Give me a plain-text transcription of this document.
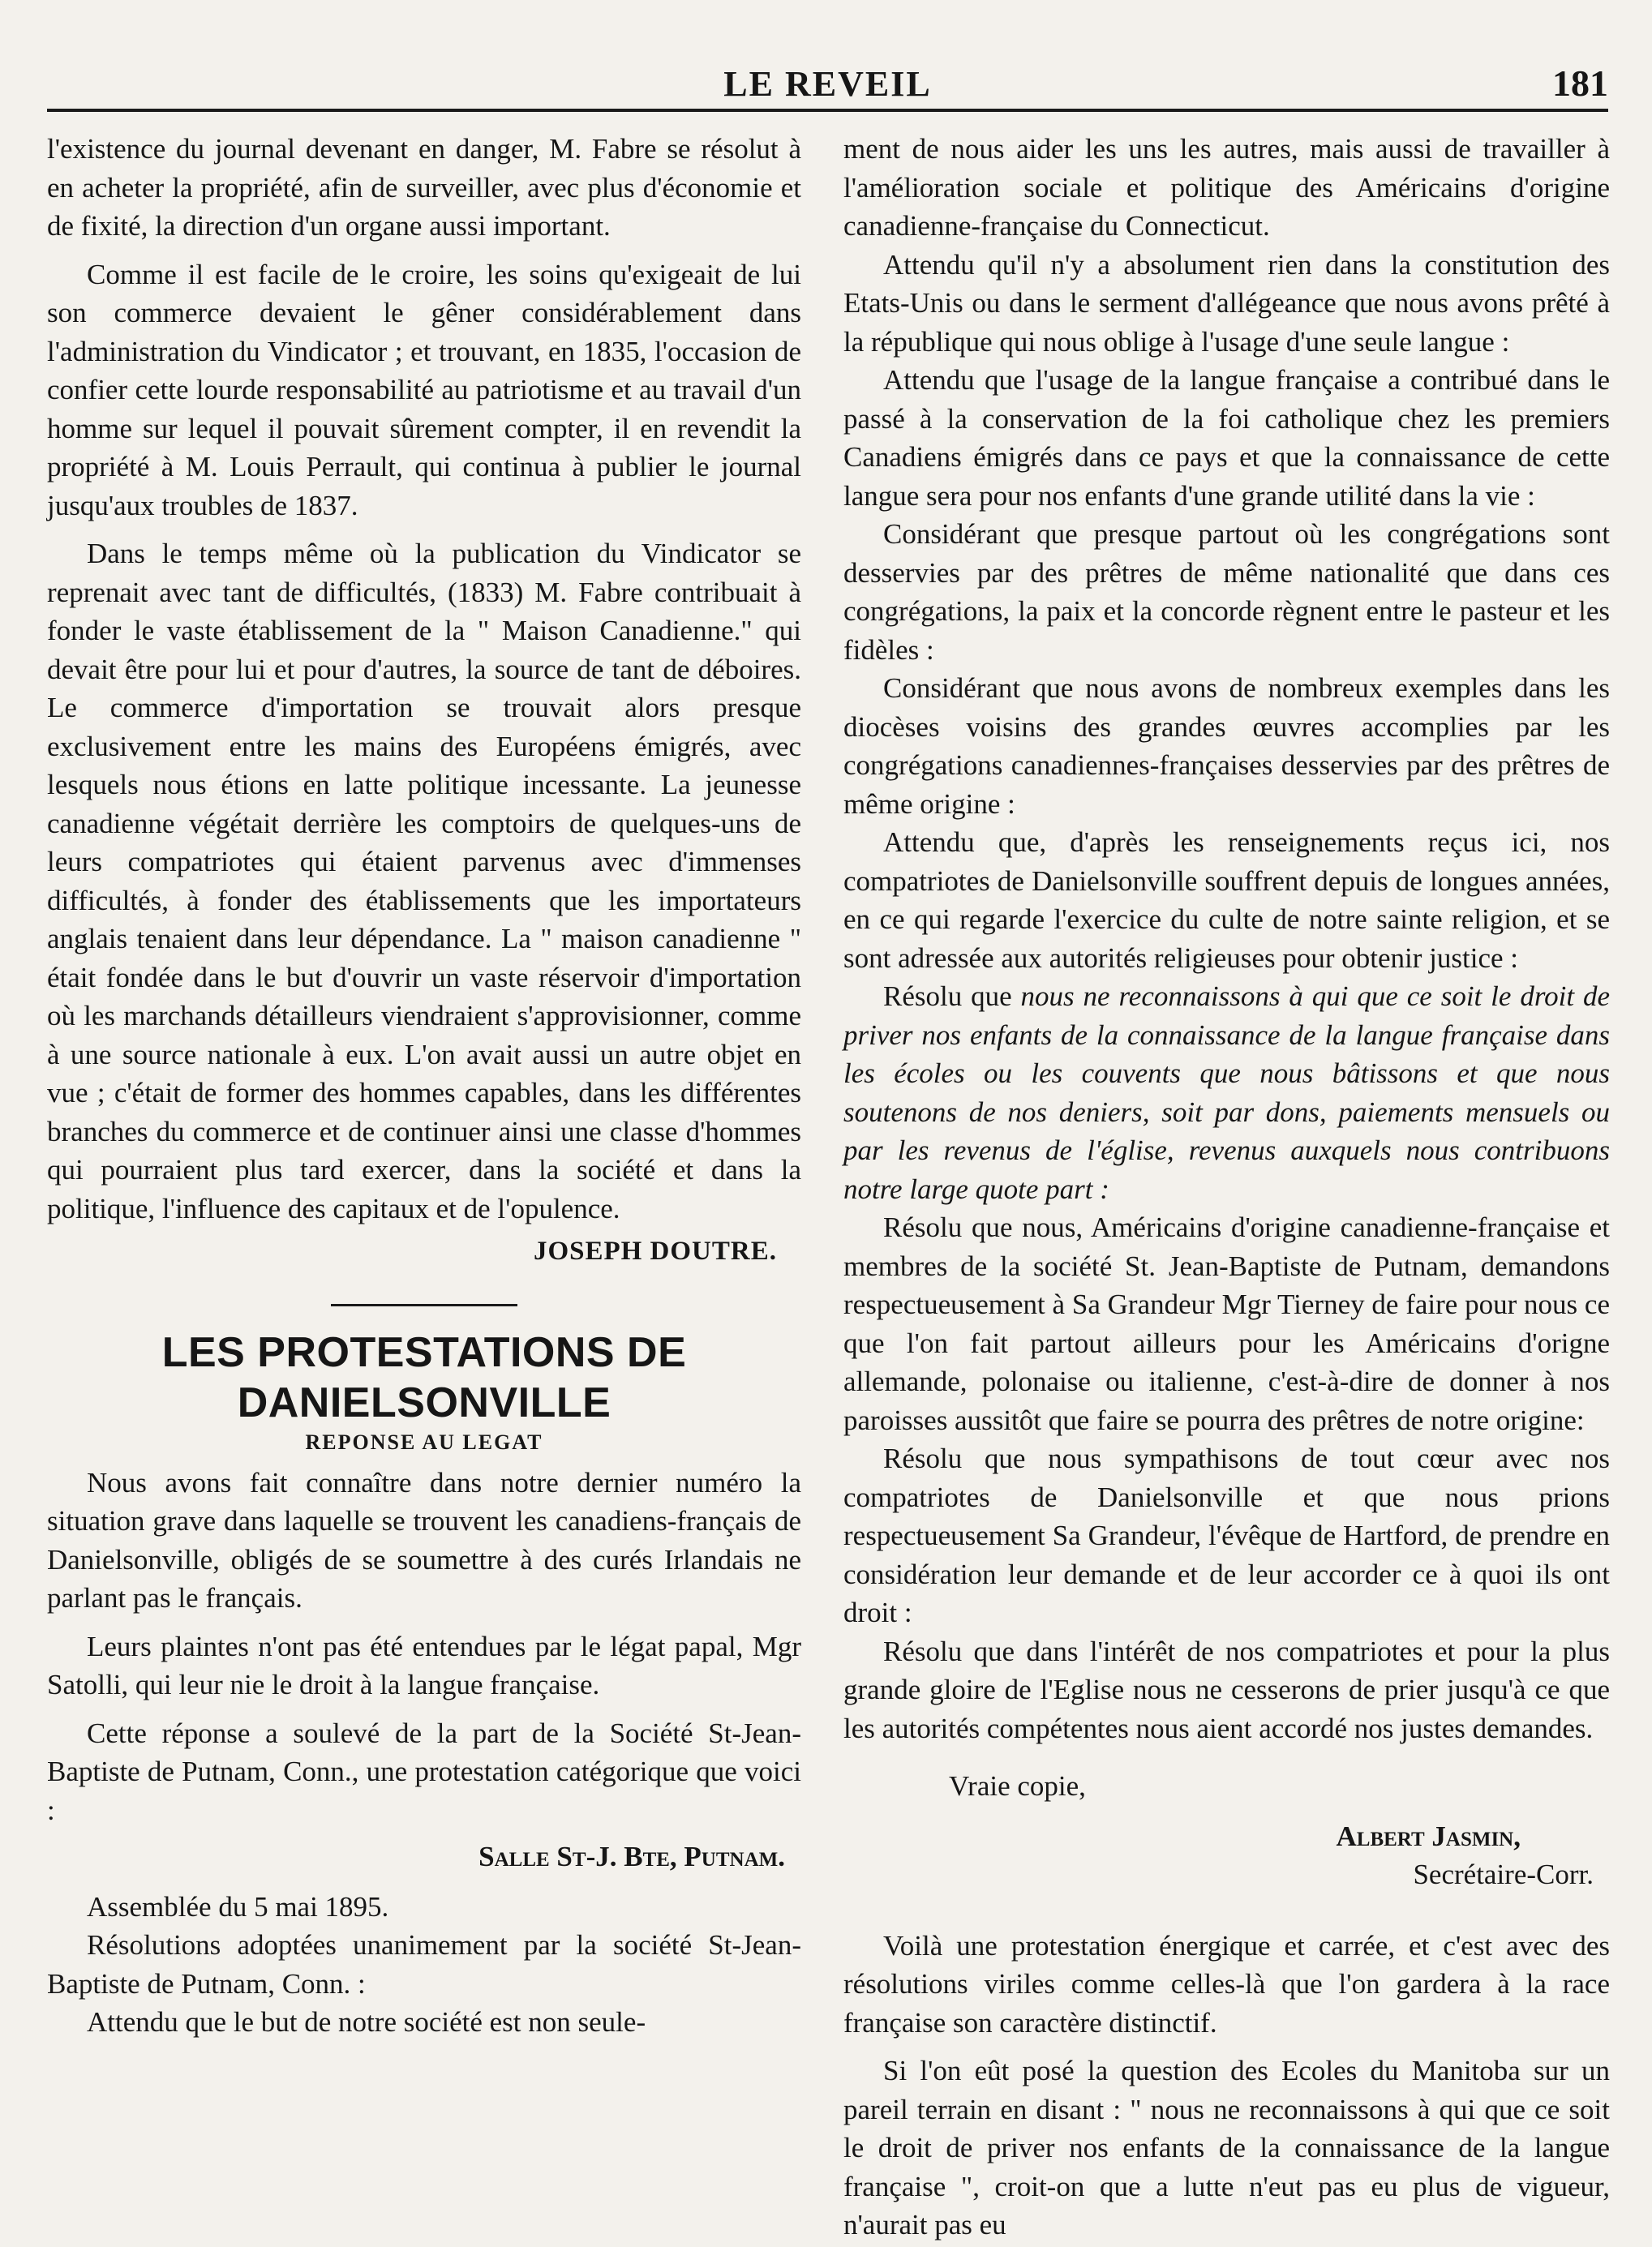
LE REVEIL	181

l'existence du journal devenant en danger, M. Fabre se résolut à en acheter la propriété, afin de surveiller, avec plus d'économie et de fixité, la direction d'un organe aussi important.

Comme il est facile de le croire, les soins qu'exigeait de lui son commerce devaient le gêner considérablement dans l'administration du Vindicator ; et trouvant, en 1835, l'occasion de confier cette lourde responsabilité au patriotisme et au travail d'un homme sur lequel il pouvait sûrement compter, il en revendit la propriété à M. Louis Perrault, qui continua à publier le journal jusqu'aux troubles de 1837.

Dans le temps même où la publication du Vindicator se reprenait avec tant de difficultés, (1833) M. Fabre contribuait à fonder le vaste établissement de la " Maison Canadienne." qui devait être pour lui et pour d'autres, la source de tant de déboires. Le commerce d'importation se trouvait alors presque exclusivement entre les mains des Européens émigrés, avec lesquels nous étions en latte politique incessante. La jeunesse canadienne végétait derrière les comptoirs de quelques-uns de leurs compatriotes qui étaient parvenus avec d'immenses difficultés, à fonder des établissements que les importateurs anglais tenaient dans leur dépendance. La " maison canadienne " était fondée dans le but d'ouvrir un vaste réservoir d'importation où les marchands détailleurs viendraient s'approvisionner, comme à une source nationale à eux. L'on avait aussi un autre objet en vue ; c'était de former des hommes capables, dans les différentes branches du commerce et de continuer ainsi une classe d'hommes qui pourraient plus tard exercer, dans la société et dans la politique, l'influence des capitaux et de l'opulence.

JOSEPH DOUTRE.
LES PROTESTATIONS DE DANIELSONVILLE
REPONSE AU LEGAT

Nous avons fait connaître dans notre dernier numéro la situation grave dans laquelle se trouvent les canadiens-français de Danielsonville, obligés de se soumettre à des curés Irlandais ne parlant pas le français.

Leurs plaintes n'ont pas été entendues par le légat papal, Mgr Satolli, qui leur nie le droit à la langue française.

Cette réponse a soulevé de la part de la Société St-Jean-Baptiste de Putnam, Conn., une protestation catégorique que voici :

Salle St-J. Bte, Putnam.

Assemblée du 5 mai 1895.

Résolutions adoptées unanimement par la société St-Jean-Baptiste de Putnam, Conn. :

Attendu que le but de notre société est non seule-

ment de nous aider les uns les autres, mais aussi de travailler à l'amélioration sociale et politique des Américains d'origine canadienne-française du Connecticut.

Attendu qu'il n'y a absolument rien dans la constitution des Etats-Unis ou dans le serment d'allégeance que nous avons prêté à la république qui nous oblige à l'usage d'une seule langue :

Attendu que l'usage de la langue française a contribué dans le passé à la conservation de la foi catholique chez les premiers Canadiens émigrés dans ce pays et que la connaissance de cette langue sera pour nos enfants d'une grande utilité dans la vie :

Considérant que presque partout où les congrégations sont desservies par des prêtres de même nationalité que dans ces congrégations, la paix et la concorde règnent entre le pasteur et les fidèles :

Considérant que nous avons de nombreux exemples dans les diocèses voisins des grandes œuvres accomplies par les congrégations canadiennes-françaises desservies par des prêtres de même origine :

Attendu que, d'après les renseignements reçus ici, nos compatriotes de Danielsonville souffrent depuis de longues années, en ce qui regarde l'exercice du culte de notre sainte religion, et se sont adressée aux autorités religieuses pour obtenir justice :

Résolu que nous ne reconnaissons à qui que ce soit le droit de priver nos enfants de la connaissance de la langue française dans les écoles ou les couvents que nous bâtissons et que nous soutenons de nos deniers, soit par dons, paiements mensuels ou par les revenus de l'église, revenus auxquels nous contribuons notre large quote part :

Résolu que nous, Américains d'origine canadienne-française et membres de la société St. Jean-Baptiste de Putnam, demandons respectueusement à Sa Grandeur Mgr Tierney de faire pour nous ce que l'on fait partout ailleurs pour les Américains d'origne allemande, polonaise ou italienne, c'est-à-dire de donner à nos paroisses aussitôt que faire se pourra des prêtres de notre origine:

Résolu que nous sympathisons de tout cœur avec nos compatriotes de Danielsonville et que nous prions respectueusement Sa Grandeur, l'évêque de Hartford, de prendre en considération leur demande et de leur accorder ce à quoi ils ont droit :

Résolu que dans l'intérêt de nos compatriotes et pour la plus grande gloire de l'Eglise nous ne cesserons de prier jusqu'à ce que les autorités compétentes nous aient accordé nos justes demandes.

Vraie copie,
Albert Jasmin,
Secrétaire-Corr.

Voilà une protestation énergique et carrée, et c'est avec des résolutions viriles comme celles-là que l'on gardera à la race française son caractère distinctif.

Si l'on eût posé la question des Ecoles du Manitoba sur un pareil terrain en disant : " nous ne reconnaissons à qui que ce soit le droit de priver nos enfants de la connaissance de la langue française ", croit-on que a lutte n'eut pas eu plus de vigueur, n'aurait pas eu
